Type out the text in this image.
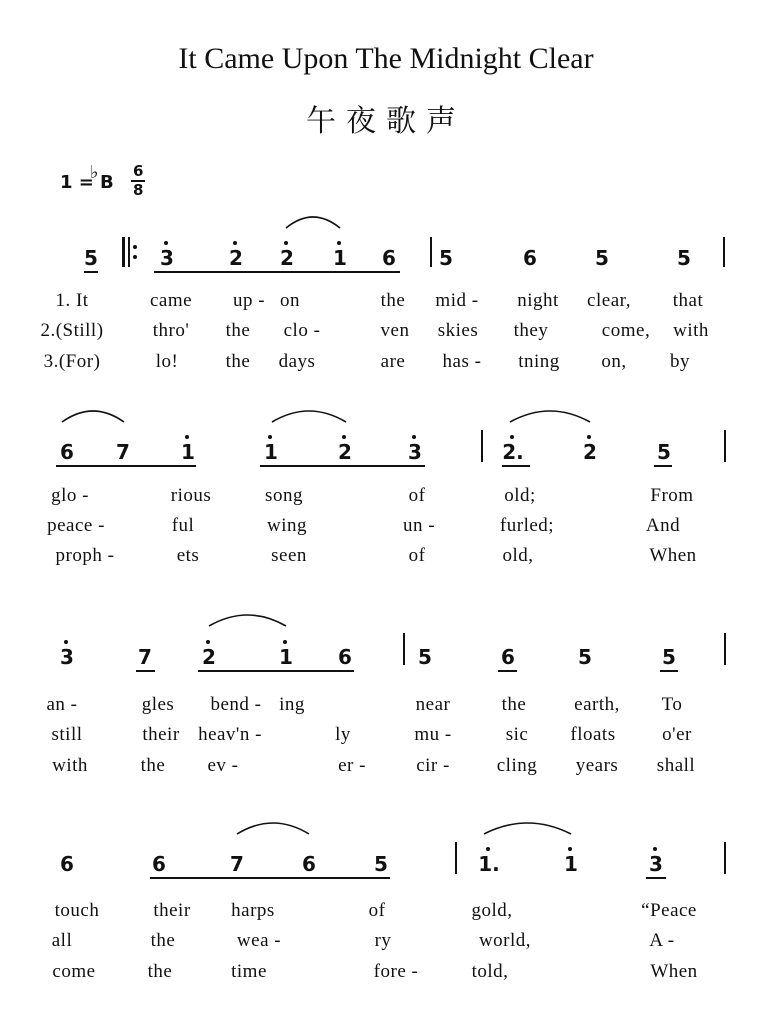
It Came Upon The Midnight Clear
午夜歌声
1 =
♭ B
6
8
5	3	2 2 1 6 5	6	5	5
1. It	came up - on	the mid - night clear, that
2.(Still)	thro' the clo -	ven skies they	come, with
3.(For)	lo! the days	are has - tning on, by
6 7	1	1	2	3	2.	2	5
glo -	rious	song	of	old;	From
peace -	ful	wing	un -	furled;	And
proph -	ets	seen	of	old,	When
3	7	2	1 6	5	6	5	5
an -	gles bend - ing	near	the	earth, To
still	their heav'n -	ly	mu -	sic floats o'er
with	the ev -	er -	cir - cling years shall
6	6	7	6	5	1.	1	3
touch	their harps	of	gold,	“Peace
all	the	wea -	ry	world,	A -
come	the	time	fore -	told,	When
